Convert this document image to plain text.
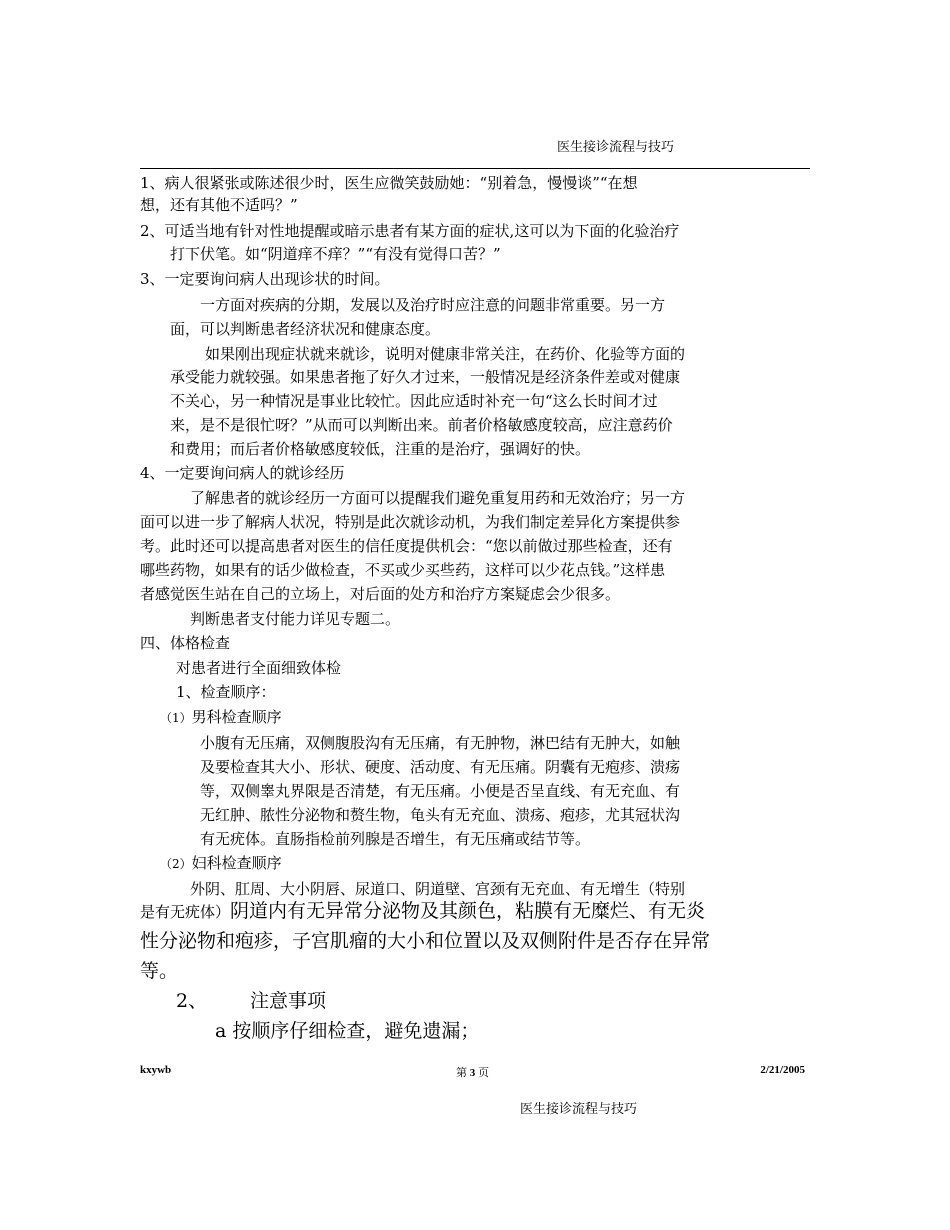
医生接诊流程与技巧
1、病人很紧张或陈述很少时，医生应微笑鼓励她：“别着急，慢慢谈”“在想
想，还有其他不适吗？”
2、可适当地有针对性地提醒或暗示患者有某方面的症状,这可以为下面的化验治疗
打下伏笔。如“阴道痒不痒？”“有没有觉得口苦？”
3、一定要询问病人出现诊状的时间。
一方面对疾病的分期，发展以及治疗时应注意的问题非常重要。另一方
面，可以判断患者经济状况和健康态度。
如果刚出现症状就来就诊，说明对健康非常关注，在药价、化验等方面的
承受能力就较强。如果患者拖了好久才过来，一般情况是经济条件差或对健康
不关心，另一种情况是事业比较忙。因此应适时补充一句“这么长时间才过
来，是不是很忙呀？”从而可以判断出来。前者价格敏感度较高，应注意药价
和费用；而后者价格敏感度较低，注重的是治疗，强调好的快。
4、一定要询问病人的就诊经历
了解患者的就诊经历一方面可以提醒我们避免重复用药和无效治疗；另一方
面可以进一步了解病人状况，特别是此次就诊动机，为我们制定差异化方案提供参
考。此时还可以提高患者对医生的信任度提供机会：“您以前做过那些检查，还有
哪些药物，如果有的话少做检查，不买或少买些药，这样可以少花点钱。”这样患
者感觉医生站在自己的立场上，对后面的处方和治疗方案疑虑会少很多。
判断患者支付能力详见专题二。
四、体格检查
对患者进行全面细致体检
1、检查顺序：
（1）男科检查顺序
小腹有无压痛，双侧腹股沟有无压痛，有无肿物，淋巴结有无肿大，如触
及要检查其大小、形状、硬度、活动度、有无压痛。阴囊有无疱疹、溃疡
等，双侧睾丸界限是否清楚，有无压痛。小便是否呈直线、有无充血、有
无红肿、脓性分泌物和赘生物，龟头有无充血、溃疡、疱疹，尤其冠状沟
有无疣体。直肠指检前列腺是否增生，有无压痛或结节等。
（2）妇科检查顺序
外阴、肛周、大小阴唇、尿道口、阴道壁、宫颈有无充血、有无增生（特别
是有无疣体）阴道内有无异常分泌物及其颜色，粘膜有无糜烂、有无炎
性分泌物和疱疹，子宫肌瘤的大小和位置以及双侧附件是否存在异常
等。
2、 注意事项
a 按顺序仔细检查，避免遗漏；
kxywb	第 3 页	2/21/2005
医生接诊流程与技巧
